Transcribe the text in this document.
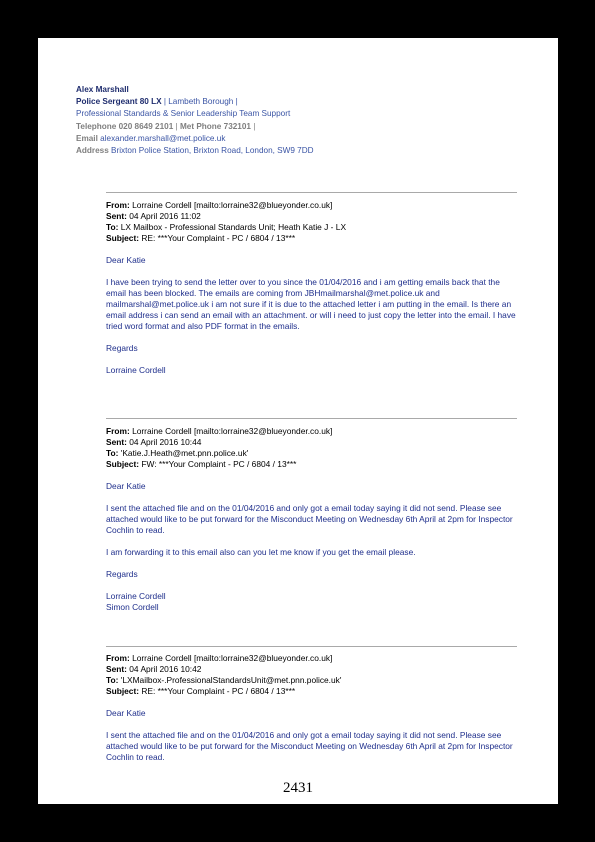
Alex Marshall
Police Sergeant 80 LX | Lambeth Borough |
Professional Standards & Senior Leadership Team Support
Telephone 020 8649 2101 | Met Phone 732101 |
Email alexander.marshall@met.police.uk
Address Brixton Police Station, Brixton Road, London, SW9 7DD
From: Lorraine Cordell [mailto:lorraine32@blueyonder.co.uk]
Sent: 04 April 2016 11:02
To: LX Mailbox - Professional Standards Unit; Heath Katie J - LX
Subject: RE: ***Your Complaint - PC / 6804 / 13***

Dear Katie

I have been trying to send the letter over to you since the 01/04/2016 and i am getting emails back that the email has been blocked. The emails are coming from JBHmailmarshal@met.police.uk and mailmarshal@met.police.uk i am not sure if it is due to the attached letter i am putting in the email. Is there an email address i can send an email with an attachment. or will i need to just copy the letter into the email. I have tried word format and also PDF format in the emails.

Regards

Lorraine Cordell

From: Lorraine Cordell [mailto:lorraine32@blueyonder.co.uk]
Sent: 04 April 2016 10:44
To: 'Katie.J.Heath@met.pnn.police.uk'
Subject: FW: ***Your Complaint - PC / 6804 / 13***

Dear Katie

I sent the attached file and on the 01/04/2016 and only got a email today saying it did not send. Please see attached would like to be put forward for the Misconduct Meeting on Wednesday 6th April at 2pm for Inspector Cochlin to read.

I am forwarding it to this email also can you let me know if you get the email please.

Regards

Lorraine Cordell

Simon Cordell

From: Lorraine Cordell [mailto:lorraine32@blueyonder.co.uk]
Sent: 04 April 2016 10:42
To: 'LXMailbox-.ProfessionalStandardsUnit@met.pnn.police.uk'
Subject: RE: ***Your Complaint - PC / 6804 / 13***

Dear Katie

I sent the attached file and on the 01/04/2016 and only got a email today saying it did not send. Please see attached would like to be put forward for the Misconduct Meeting on Wednesday 6th April at 2pm for Inspector Cochlin to read.

2431
